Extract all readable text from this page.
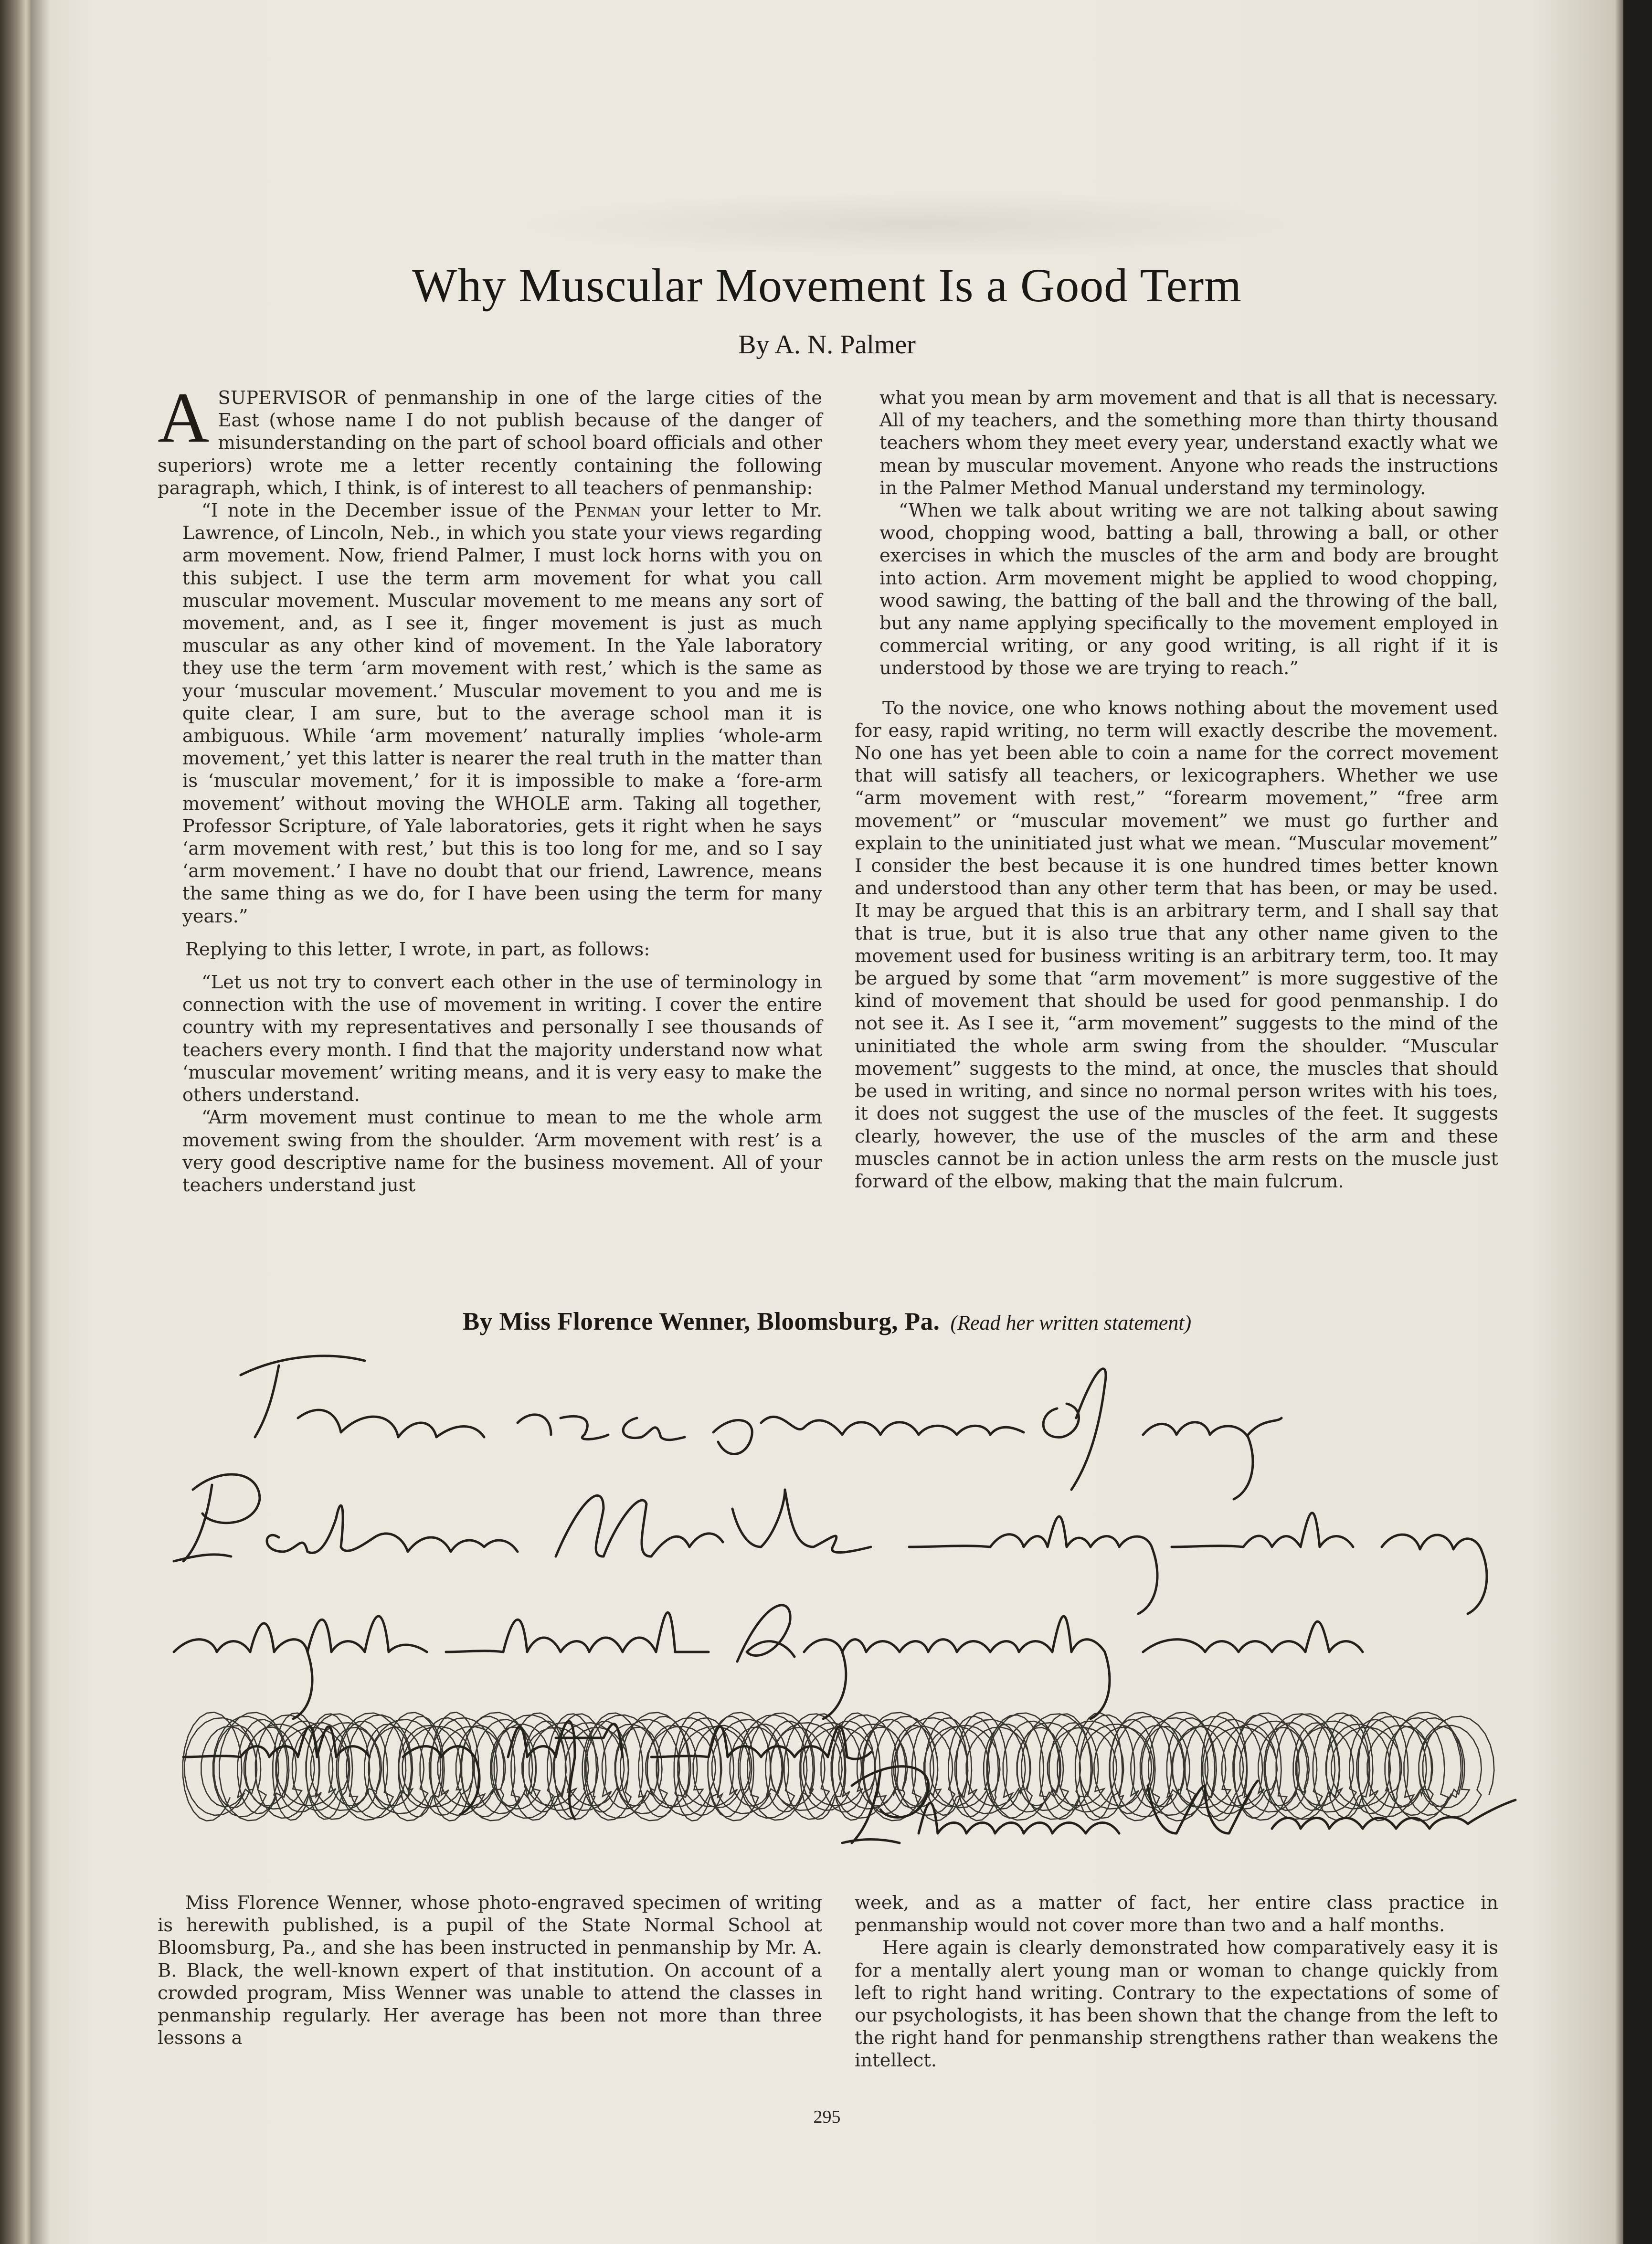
Why Muscular Movement Is a Good Term
By A. N. Palmer

ASUPERVISOR of penmanship in one of the large cities of the East (whose name I do not publish because of the danger of misunderstanding on the part of school board officials and other superiors) wrote me a letter recently containing the following paragraph, which, I think, is of interest to all teachers of penmanship:

“I note in the December issue of the Penman your letter to Mr. Lawrence, of Lincoln, Neb., in which you state your views regarding arm movement. Now, friend Palmer, I must lock horns with you on this subject. I use the term arm movement for what you call muscular movement. Muscular movement to me means any sort of movement, and, as I see it, finger movement is just as much muscular as any other kind of movement. In the Yale laboratory they use the term ‘arm movement with rest,’ which is the same as your ‘muscular movement.’ Muscular movement to you and me is quite clear, I am sure, but to the average school man it is ambiguous. While ‘arm movement’ naturally implies ‘whole-arm movement,’ yet this latter is nearer the real truth in the matter than is ‘muscular movement,’ for it is impossible to make a ‘fore-arm movement’ without moving the WHOLE arm. Taking all together, Professor Scripture, of Yale laboratories, gets it right when he says ‘arm movement with rest,’ but this is too long for me, and so I say ‘arm movement.’ I have no doubt that our friend, Lawrence, means the same thing as we do, for I have been using the term for many years.”

Replying to this letter, I wrote, in part, as follows:

“Let us not try to convert each other in the use of terminology in connection with the use of movement in writing. I cover the entire country with my representatives and personally I see thousands of teachers every month. I find that the majority understand now what ‘muscular movement’ writing means, and it is very easy to make the others understand.

“Arm movement must continue to mean to me the whole arm movement swing from the shoulder. ‘Arm movement with rest’ is a very good descriptive name for the business movement. All of your teachers understand just

what you mean by arm movement and that is all that is necessary. All of my teachers, and the something more than thirty thousand teachers whom they meet every year, understand exactly what we mean by muscular movement. Anyone who reads the instructions in the Palmer Method Manual understand my terminology.

“When we talk about writing we are not talking about sawing wood, chopping wood, batting a ball, throwing a ball, or other exercises in which the muscles of the arm and body are brought into action. Arm movement might be applied to wood chopping, wood sawing, the batting of the ball and the throwing of the ball, but any name applying specifically to the movement employed in commercial writing, or any good writing, is all right if it is understood by those we are trying to reach.”

To the novice, one who knows nothing about the movement used for easy, rapid writing, no term will exactly describe the movement. No one has yet been able to coin a name for the correct movement that will satisfy all teachers, or lexicographers. Whether we use “arm movement with rest,” “forearm movement,” “free arm movement” or “muscular movement” we must go further and explain to the uninitiated just what we mean. “Muscular movement” I consider the best because it is one hundred times better known and understood than any other term that has been, or may be used. It may be argued that this is an arbitrary term, and I shall say that that is true, but it is also true that any other name given to the movement used for business writing is an arbitrary term, too. It may be argued by some that “arm movement” is more suggestive of the kind of movement that should be used for good penmanship. I do not see it. As I see it, “arm movement” suggests to the mind of the uninitiated the whole arm swing from the shoulder. “Muscular movement” suggests to the mind, at once, the muscles that should be used in writing, and since no normal person writes with his toes, it does not suggest the use of the muscles of the feet. It suggests clearly, however, the use of the muscles of the arm and these muscles cannot be in action unless the arm rests on the muscle just forward of the elbow, making that the main fulcrum.

By Miss Florence Wenner, Bloomsburg, Pa. (Read her written statement)

Miss Florence Wenner, whose photo-engraved specimen of writing is herewith published, is a pupil of the State Normal School at Bloomsburg, Pa., and she has been instructed in penmanship by Mr. A. B. Black, the well-known expert of that institution. On account of a crowded program, Miss Wenner was unable to attend the classes in penmanship regularly. Her average has been not more than three lessons a

week, and as a matter of fact, her entire class practice in penmanship would not cover more than two and a half months.

Here again is clearly demonstrated how comparatively easy it is for a mentally alert young man or woman to change quickly from left to right hand writing. Contrary to the expectations of some of our psychologists, it has been shown that the change from the left to the right hand for penmanship strengthens rather than weakens the intellect.

295
